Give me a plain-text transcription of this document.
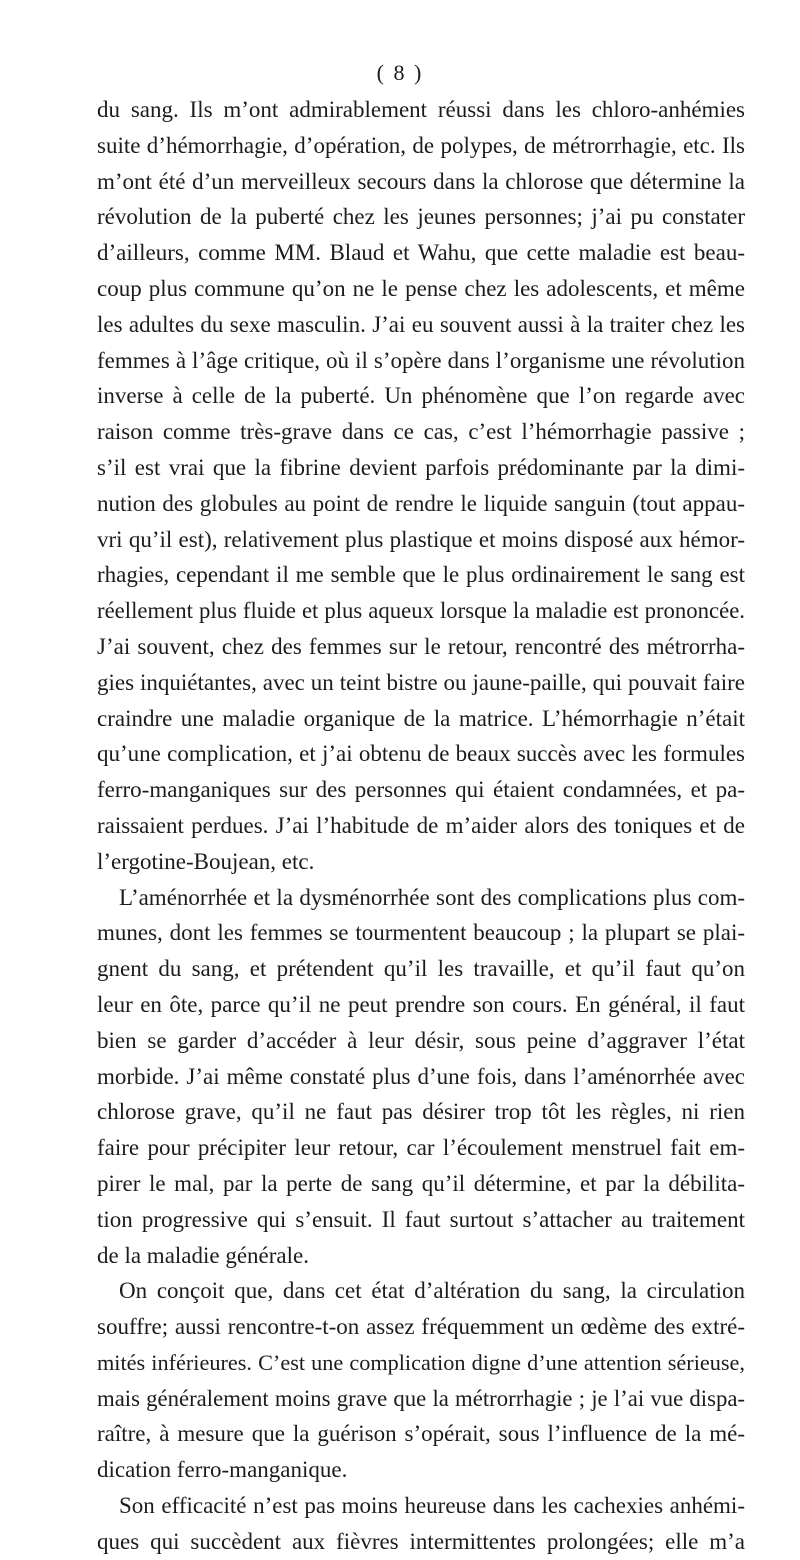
( 8 )
du sang. Ils m’ont admirablement réussi dans les chloro-anhémies
suite d’hémorrhagie, d’opération, de polypes, de métrorrhagie, etc. Ils
m’ont été d’un merveilleux secours dans la chlorose que détermine la
révolution de la puberté chez les jeunes personnes; j’ai pu constater
d’ailleurs, comme MM. Blaud et Wahu, que cette maladie est beau-
coup plus commune qu’on ne le pense chez les adolescents, et même
les adultes du sexe masculin. J’ai eu souvent aussi à la traiter chez les
femmes à l’âge critique, où il s’opère dans l’organisme une révolution
inverse à celle de la puberté. Un phénomène que l’on regarde avec
raison comme très-grave dans ce cas, c’est l’hémorrhagie passive ;
s’il est vrai que la fibrine devient parfois prédominante par la dimi-
nution des globules au point de rendre le liquide sanguin (tout appau-
vri qu’il est), relativement plus plastique et moins disposé aux hémor-
rhagies, cependant il me semble que le plus ordinairement le sang est
réellement plus fluide et plus aqueux lorsque la maladie est prononcée.
J’ai souvent, chez des femmes sur le retour, rencontré des métrorrha-
gies inquiétantes, avec un teint bistre ou jaune-paille, qui pouvait faire
craindre une maladie organique de la matrice. L’hémorrhagie n’était
qu’une complication, et j’ai obtenu de beaux succès avec les formules
ferro-manganiques sur des personnes qui étaient condamnées, et pa-
raissaient perdues. J’ai l’habitude de m’aider alors des toniques et de
l’ergotine-Boujean, etc.
L’aménorrhée et la dysménorrhée sont des complications plus com-
munes, dont les femmes se tourmentent beaucoup ; la plupart se plai-
gnent du sang, et prétendent qu’il les travaille, et qu’il faut qu’on
leur en ôte, parce qu’il ne peut prendre son cours. En général, il faut
bien se garder d’accéder à leur désir, sous peine d’aggraver l’état
morbide. J’ai même constaté plus d’une fois, dans l’aménorrhée avec
chlorose grave, qu’il ne faut pas désirer trop tôt les règles, ni rien
faire pour précipiter leur retour, car l’écoulement menstruel fait em-
pirer le mal, par la perte de sang qu’il détermine, et par la débilita-
tion progressive qui s’ensuit. Il faut surtout s’attacher au traitement
de la maladie générale.
On conçoit que, dans cet état d’altération du sang, la circulation
souffre; aussi rencontre-t-on assez fréquemment un œdème des extré-
mités inférieures. C’est une complication digne d’une attention sérieuse,
mais généralement moins grave que la métrorrhagie ; je l’ai vue dispa-
raître, à mesure que la guérison s’opérait, sous l’influence de la mé-
dication ferro-manganique.
Son efficacité n’est pas moins heureuse dans les cachexies anhémi-
ques qui succèdent aux fièvres intermittentes prolongées; elle m’a
